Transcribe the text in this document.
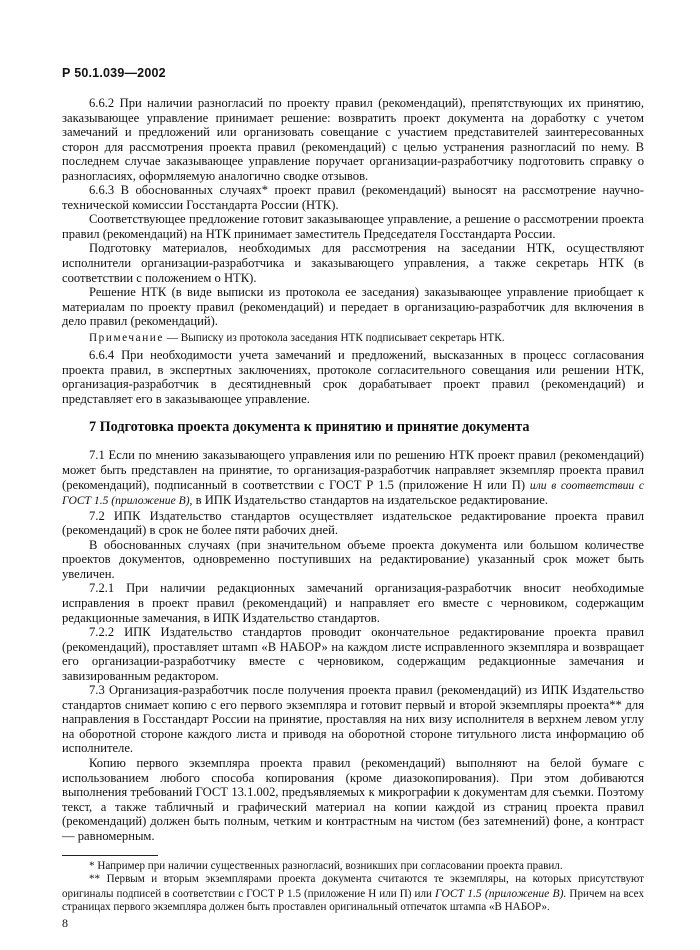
Р 50.1.039—2002

6.6.2 При наличии разногласий по проекту правил (рекомендаций), препятствующих их принятию, заказывающее управление принимает решение: возвратить проект документа на доработку с учетом замечаний и предложений или организовать совещание с участием представителей заинтересованных сторон для рассмотрения проекта правил (рекомендаций) с целью устранения разногласий по нему. В последнем случае заказывающее управление поручает организации-разработчику подготовить справку о разногласиях, оформляемую аналогично сводке отзывов.

6.6.3 В обоснованных случаях* проект правил (рекомендаций) выносят на рассмотрение научно-технической комиссии Госстандарта России (НТК).

Соответствующее предложение готовит заказывающее управление, а решение о рассмотрении проекта правил (рекомендаций) на НТК принимает заместитель Председателя Госстандарта России.

Подготовку материалов, необходимых для рассмотрения на заседании НТК, осуществляют исполнители организации-разработчика и заказывающего управления, а также секретарь НТК (в соответствии с положением о НТК).

Решение НТК (в виде выписки из протокола ее заседания) заказывающее управление приобщает к материалам по проекту правил (рекомендаций) и передает в организацию-разработчик для включения в дело правил (рекомендаций).

Примечание — Выписку из протокола заседания НТК подписывает секретарь НТК.

6.6.4 При необходимости учета замечаний и предложений, высказанных в процесс согласования проекта правил, в экспертных заключениях, протоколе согласительного совещания или решении НТК, организация-разработчик в десятидневный срок дорабатывает проект правил (рекомендаций) и представляет его в заказывающее управление.

7 Подготовка проекта документа к принятию и принятие документа

7.1 Если по мнению заказывающего управления или по решению НТК проект правил (рекомендаций) может быть представлен на принятие, то организация-разработчик направляет экземпляр проекта правил (рекомендаций), подписанный в соответствии с ГОСТ Р 1.5 (приложение Н или П) или в соответствии с ГОСТ 1.5 (приложение В), в ИПК Издательство стандартов на издательское редактирование.

7.2 ИПК Издательство стандартов осуществляет издательское редактирование проекта правил (рекомендаций) в срок не более пяти рабочих дней.

В обоснованных случаях (при значительном объеме проекта документа или большом количестве проектов документов, одновременно поступивших на редактирование) указанный срок может быть увеличен.

7.2.1 При наличии редакционных замечаний организация-разработчик вносит необходимые исправления в проект правил (рекомендаций) и направляет его вместе с черновиком, содержащим редакционные замечания, в ИПК Издательство стандартов.

7.2.2 ИПК Издательство стандартов проводит окончательное редактирование проекта правил (рекомендаций), проставляет штамп «В НАБОР» на каждом листе исправленного экземпляра и возвращает его организации-разработчику вместе с черновиком, содержащим редакционные замечания и завизированным редактором.

7.3 Организация-разработчик после получения проекта правил (рекомендаций) из ИПК Издательство стандартов снимает копию с его первого экземпляра и готовит первый и второй экземпляры проекта** для направления в Госстандарт России на принятие, проставляя на них визу исполнителя в верхнем левом углу на оборотной стороне каждого листа и приводя на оборотной стороне титульного листа информацию об исполнителе.

Копию первого экземпляра проекта правил (рекомендаций) выполняют на белой бумаге с использованием любого способа копирования (кроме диазокопирования). При этом добиваются выполнения требований ГОСТ 13.1.002, предъявляемых к микрографии к документам для съемки. Поэтому текст, а также табличный и графический материал на копии каждой из страниц проекта правил (рекомендаций) должен быть полным, четким и контрастным на чистом (без затемнений) фоне, а контраст — равномерным.

* Например при наличии существенных разногласий, возникших при согласовании проекта правил.

** Первым и вторым экземплярами проекта документа считаются те экземпляры, на которых присутствуют оригиналы подписей в соответствии с ГОСТ Р 1.5 (приложение Н или П) или ГОСТ 1.5 (приложение В). Причем на всех страницах первого экземпляра должен быть проставлен оригинальный отпечаток штампа «В НАБОР».

8
